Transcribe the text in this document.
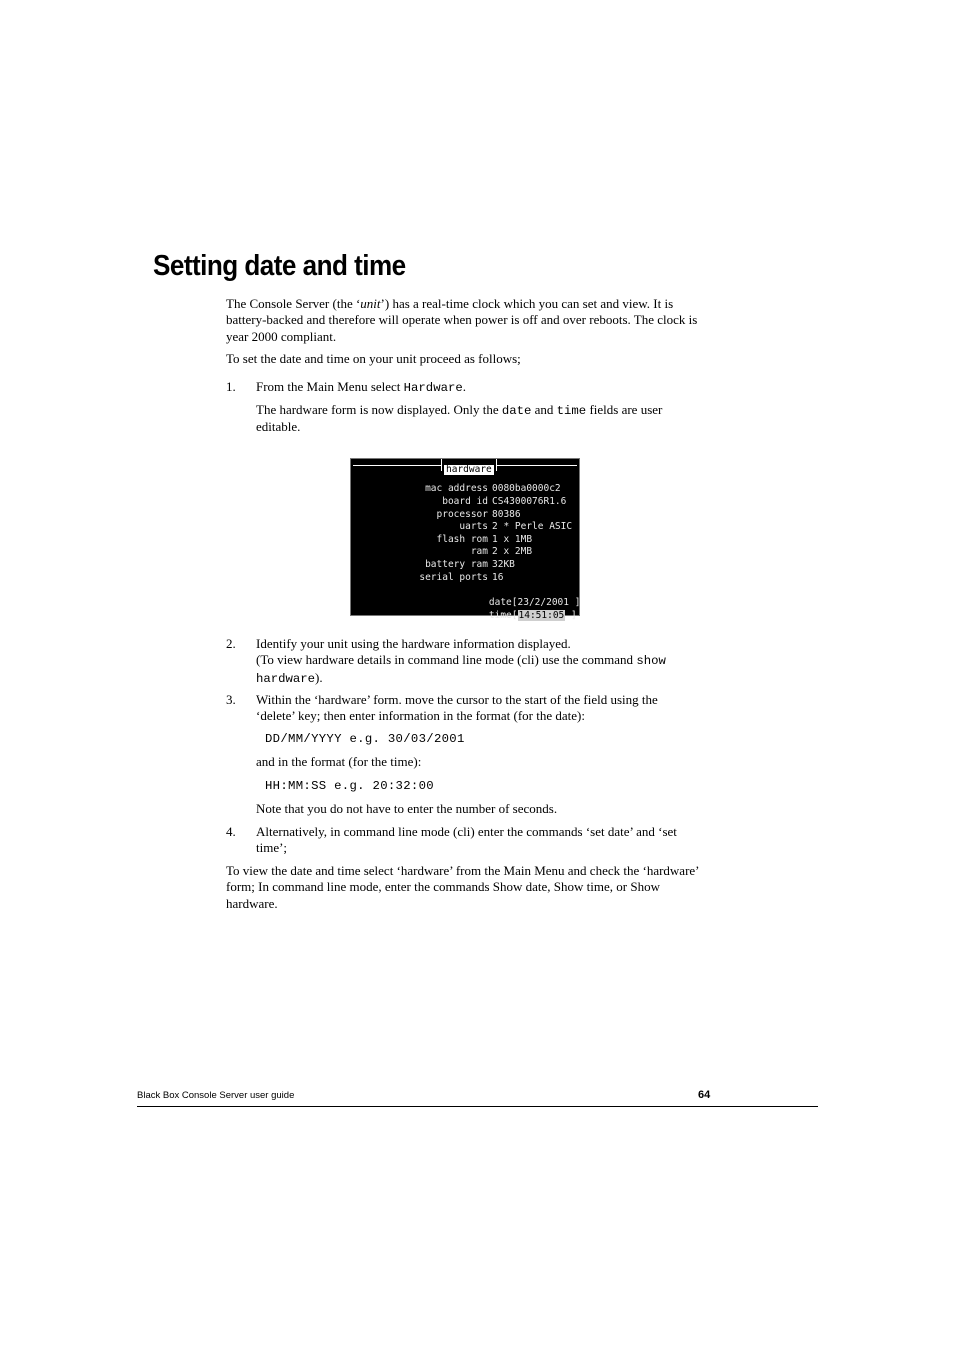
Setting date and time

The Console Server (the ‘unit’) has a real-time clock which you can set and view. It is battery-backed and therefore will operate when power is off and over reboots. The clock is year 2000 compliant.

To set the date and time on your unit proceed as follows;

1. From the Main Menu select Hardware.

The hardware form is now displayed. Only the date and time fields are user editable.

hardware

mac address 0080ba0000c2

board id CS4300076R1.6

processor 80386

uarts 2 * Perle ASIC

flash rom 1 x 1MB

ram 2 x 2MB

battery ram 32KB

serial ports 16

date[23/2/2001 ]

time[14:51:05 ]

2. Identify your unit using the hardware information displayed.
(To view hardware details in command line mode (cli) use the command show hardware).

3. Within the ‘hardware’ form. move the cursor to the start of the field using the ‘delete’ key; then enter information in the format (for the date):

DD/MM/YYYY e.g. 30/03/2001

and in the format (for the time):

HH:MM:SS e.g. 20:32:00

Note that you do not have to enter the number of seconds.

4. Alternatively, in command line mode (cli) enter the commands ‘set date’ and ‘set time’;

To view the date and time select ‘hardware’ from the Main Menu and check the ‘hardware’ form; In command line mode, enter the commands Show date, Show time, or Show hardware.

Black Box Console Server user guide	64
